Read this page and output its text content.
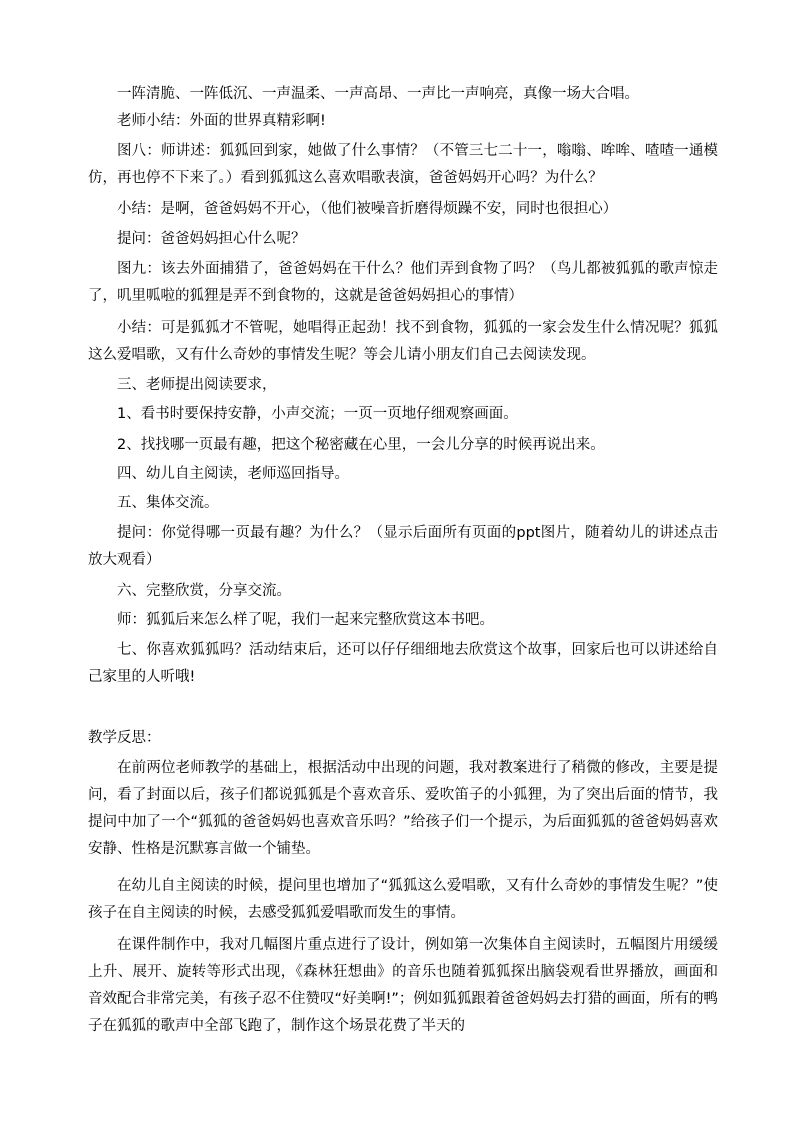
一阵清脆、一阵低沉、一声温柔、一声高昂、一声比一声响亮，真像一场大合唱。

老师小结：外面的世界真精彩啊!

图八：师讲述：狐狐回到家，她做了什么事情？（不管三七二十一，嗡嗡、哞哞、喳喳一通模仿，再也停不下来了。）看到狐狐这么喜欢唱歌表演，爸爸妈妈开心吗？为什么？

小结：是啊，爸爸妈妈不开心，（他们被噪音折磨得烦躁不安，同时也很担心）

提问：爸爸妈妈担心什么呢？

图九：该去外面捕猎了，爸爸妈妈在干什么？他们弄到食物了吗？（鸟儿都被狐狐的歌声惊走了，叽里呱啦的狐狸是弄不到食物的，这就是爸爸妈妈担心的事情）

小结：可是狐狐才不管呢，她唱得正起劲！找不到食物，狐狐的一家会发生什么情况呢？狐狐这么爱唱歌，又有什么奇妙的事情发生呢？等会儿请小朋友们自己去阅读发现。

三、老师提出阅读要求，

1、看书时要保持安静，小声交流；一页一页地仔细观察画面。

2、找找哪一页最有趣，把这个秘密藏在心里，一会儿分享的时候再说出来。

四、幼儿自主阅读，老师巡回指导。

五、集体交流。

提问：你觉得哪一页最有趣？为什么？（显示后面所有页面的ppt图片，随着幼儿的讲述点击放大观看）

六、完整欣赏，分享交流。

师：狐狐后来怎么样了呢，我们一起来完整欣赏这本书吧。

七、你喜欢狐狐吗？活动结束后，还可以仔仔细细地去欣赏这个故事，回家后也可以讲述给自己家里的人听哦!

教学反思：

在前两位老师教学的基础上，根据活动中出现的问题，我对教案进行了稍微的修改，主要是提问，看了封面以后，孩子们都说狐狐是个喜欢音乐、爱吹笛子的小狐狸，为了突出后面的情节，我提问中加了一个“狐狐的爸爸妈妈也喜欢音乐吗？”给孩子们一个提示，为后面狐狐的爸爸妈妈喜欢安静、性格是沉默寡言做一个铺垫。

在幼儿自主阅读的时候，提问里也增加了“狐狐这么爱唱歌，又有什么奇妙的事情发生呢？”使孩子在自主阅读的时候，去感受狐狐爱唱歌而发生的事情。

在课件制作中，我对几幅图片重点进行了设计，例如第一次集体自主阅读时，五幅图片用缓缓上升、展开、旋转等形式出现，《森林狂想曲》的音乐也随着狐狐探出脑袋观看世界播放，画面和音效配合非常完美，有孩子忍不住赞叹“好美啊!”；例如狐狐跟着爸爸妈妈去打猎的画面，所有的鸭子在狐狐的歌声中全部飞跑了，制作这个场景花费了半天的
